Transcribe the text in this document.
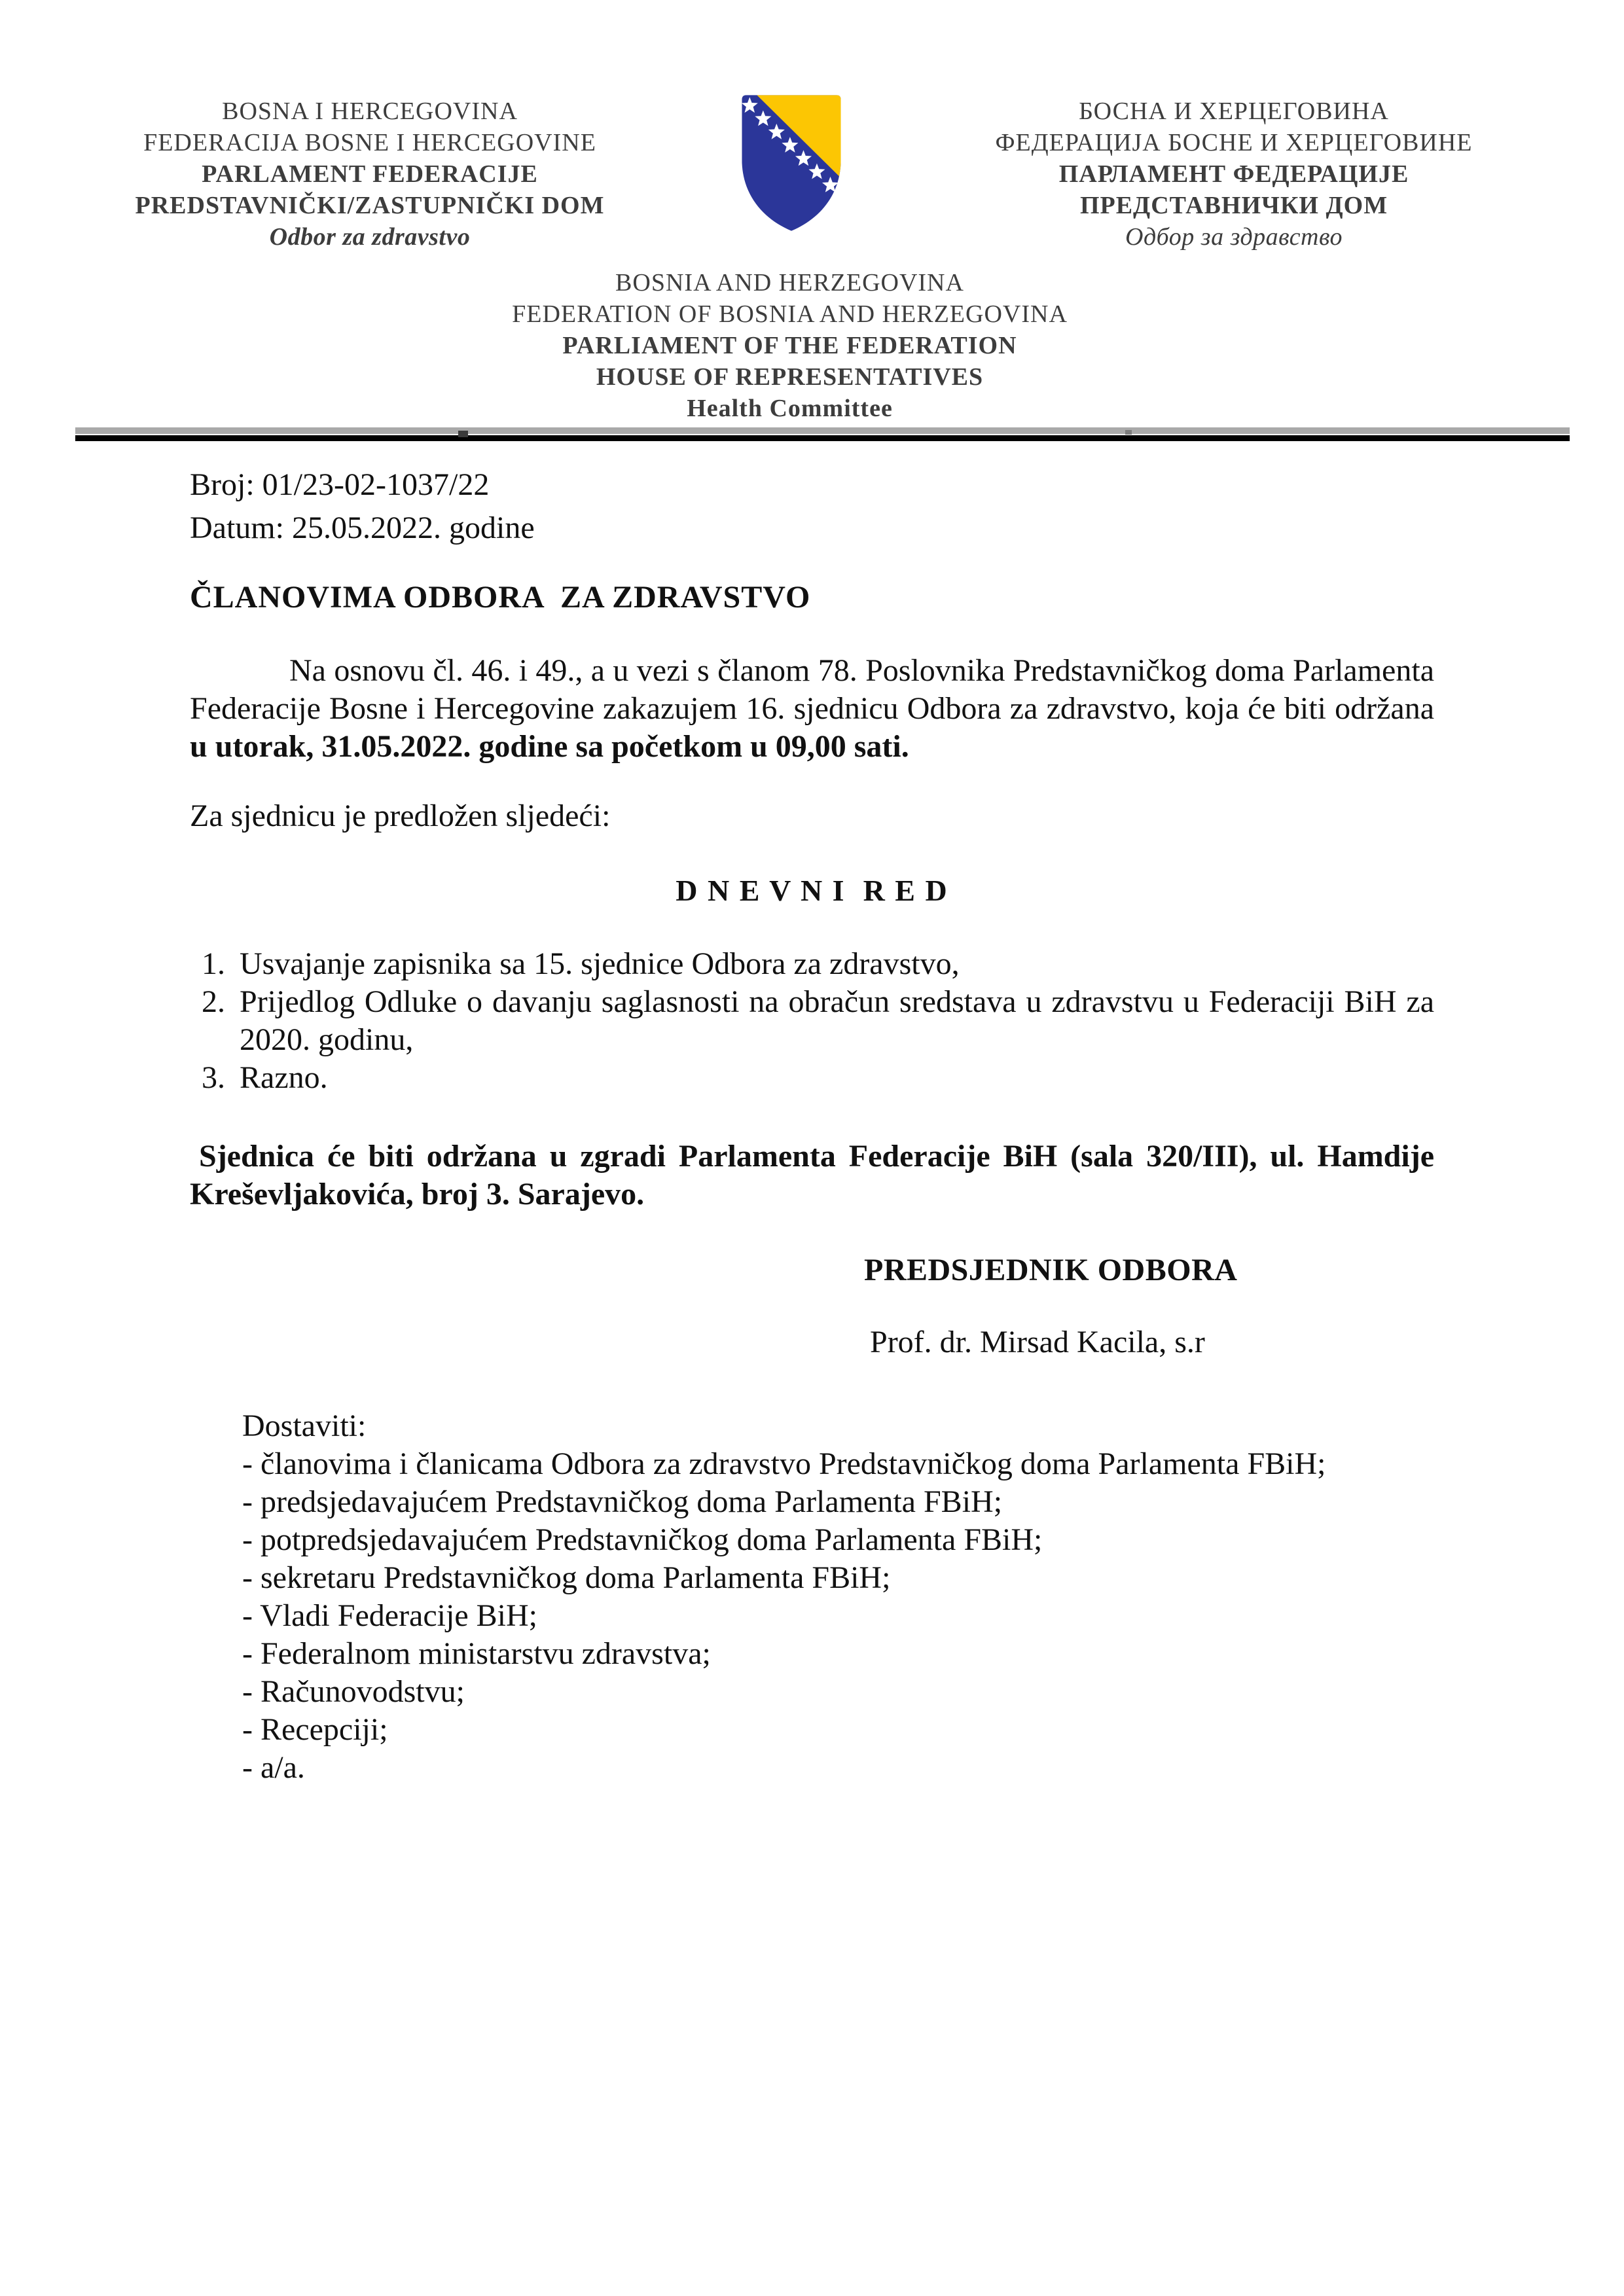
BOSNA I HERCEGOVINA
FEDERACIJA BOSNE I HERCEGOVINE
PARLAMENT FEDERACIJE
PREDSTAVNIČKI/ZASTUPNIČKI DOM
Odbor za zdravstvo
БОСНА И ХЕРЦЕГОВИНА
ФЕДЕРАЦИЈА БОСНЕ И ХЕРЦЕГОВИНЕ
ПАРЛАМЕНТ ФЕДЕРАЦИЈЕ
ПРЕДСТАВНИЧКИ ДОМ
Одбор за здравство
BOSNIA AND HERZEGOVINA
FEDERATION OF BOSNIA AND HERZEGOVINA
PARLIAMENT OF THE FEDERATION
HOUSE OF REPRESENTATIVES
Health Committee

Broj: 01/23-02-1037/22

Datum: 25.05.2022. godine

ČLANOVIMA ODBORA  ZA ZDRAVSTVO

Na osnovu čl. 46. i 49., a u vezi s članom 78. Poslovnika Predstavničkog doma Parlamenta Federacije Bosne i Hercegovine zakazujem 16. sjednicu Odbora za zdravstvo, koja će biti održana u utorak, 31.05.2022. godine sa početkom u 09,00 sati.

Za sjednicu je predložen sljedeći:

D N E V N I  R E D
1. Usvajanje zapisnika sa 15. sjednice Odbora za zdravstvo,
2. Prijedlog Odluke o davanju saglasnosti na obračun sredstava u zdravstvu u Federaciji BiH za 2020. godinu,
3. Razno.

Sjednica će biti održana u zgradi Parlamenta Federacije BiH (sala 320/III), ul. Hamdije Kreševljakovića, broj 3. Sarajevo.

PREDSJEDNIK ODBORA
Prof. dr. Mirsad Kacila, s.r
Dostaviti:
- članovima i članicama Odbora za zdravstvo Predstavničkog doma Parlamenta FBiH;
- predsjedavajućem Predstavničkog doma Parlamenta FBiH;
- potpredsjedavajućem Predstavničkog doma Parlamenta FBiH;
- sekretaru Predstavničkog doma Parlamenta FBiH;
- Vladi Federacije BiH;
- Federalnom ministarstvu zdravstva;
- Računovodstvu;
- Recepciji;
- a/a.
